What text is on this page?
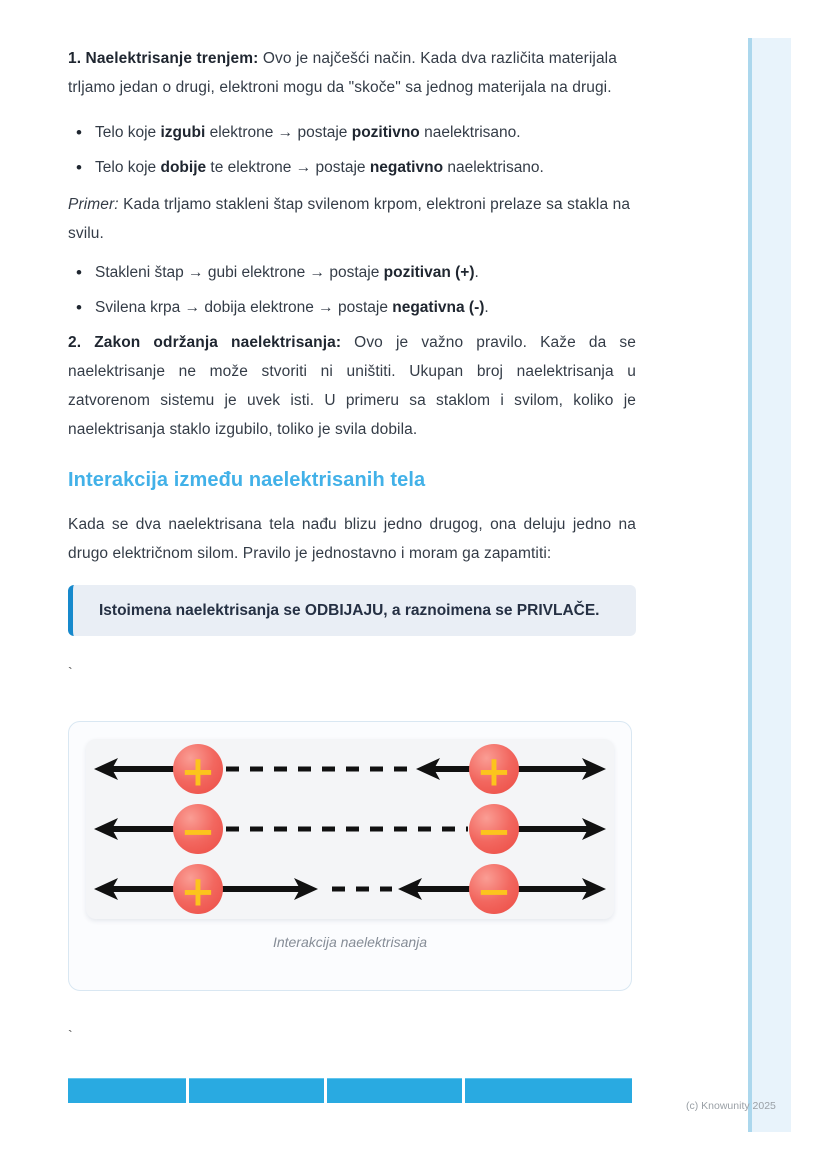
1. Naelektrisanje trenjem: Ovo je najčešći način. Kada dva različita materijala trljamo jedan o drugi, elektroni mogu da "skoče" sa jednog materijala na drugi.

• Telo koje izgubi elektrone → postaje pozitivno naelektrisano.
• Telo koje dobije te elektrone → postaje negativno naelektrisano.

Primer: Kada trljamo stakleni štap svilenom krpom, elektroni prelaze sa stakla na svilu.

• Stakleni štap → gubi elektrone → postaje pozitivan (+).
• Svilena krpa → dobija elektrone → postaje negativna (-).

2. Zakon održanja naelektrisanja: Ovo je važno pravilo. Kaže da se naelektrisanje ne može stvoriti ni uništiti. Ukupan broj naelektrisanja u zatvorenom sistemu je uvek isti. U primeru sa staklom i svilom, koliko je naelektrisanja staklo izgubilo, toliko je svila dobila.

Interakcija između naelektrisanih tela

Kada se dva naelektrisana tela nađu blizu jedno drugog, ona deluju jedno na drugo električnom silom. Pravilo je jednostavno i moram ga zapamtiti:

Istoimena naelektrisanja se ODBIJAJU, a raznoimena se PRIVLAČE.

`
+	+
−	−
+	−
Interakcija naelektrisanja
`
(c) Knowunity 2025
